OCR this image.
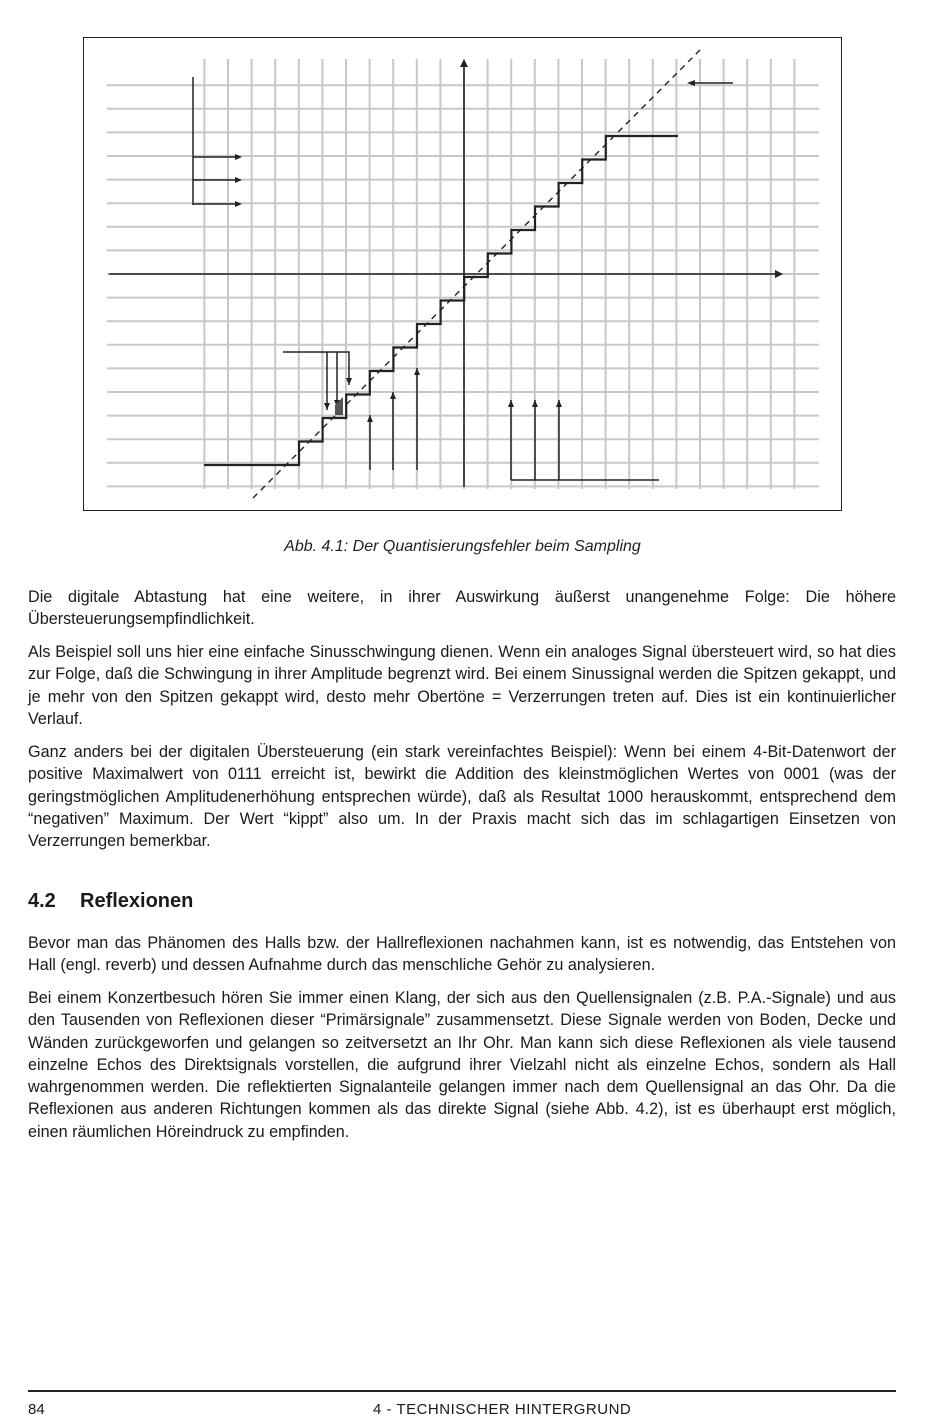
Abb. 4.1: Der Quantisierungsfehler beim Sampling

Die digitale Abtastung hat eine weitere, in ihrer Auswirkung äußerst unangenehme Folge: Die höhere Übersteuerungsempfindlichkeit.

Als Beispiel soll uns hier eine einfache Sinusschwingung dienen. Wenn ein analoges Signal übersteuert wird, so hat dies zur Folge, daß die Schwingung in ihrer Amplitude begrenzt wird. Bei einem Sinussignal werden die Spitzen gekappt, und je mehr von den Spitzen gekappt wird, desto mehr Obertöne = Verzerrungen treten auf. Dies ist ein kontinuierlicher Verlauf.

Ganz anders bei der digitalen Übersteuerung (ein stark vereinfachtes Beispiel): Wenn bei einem 4-Bit-Datenwort der positive Maximalwert von 0111 erreicht ist, bewirkt die Addition des kleinstmöglichen Wertes von 0001 (was der geringstmöglichen Amplitudenerhöhung entsprechen würde), daß als Resultat 1000 herauskommt, entsprechend dem “negativen” Maximum. Der Wert “kippt” also um. In der Praxis macht sich das im schlagartigen Einsetzen von Verzerrungen bemerkbar.

4.2 Reflexionen

Bevor man das Phänomen des Halls bzw. der Hallreflexionen nachahmen kann, ist es notwendig, das Entstehen von Hall (engl. reverb) und dessen Aufnahme durch das menschliche Gehör zu analysieren.

Bei einem Konzertbesuch hören Sie immer einen Klang, der sich aus den Quellensignalen (z.B. P.A.-Signale) und aus den Tausenden von Reflexionen dieser “Primärsignale” zusammensetzt. Diese Signale werden von Boden, Decke und Wänden zurückgeworfen und gelangen so zeitversetzt an Ihr Ohr. Man kann sich diese Reflexionen als viele tausend einzelne Echos des Direktsignals vorstellen, die aufgrund ihrer Vielzahl nicht als einzelne Echos, sondern als Hall wahrgenommen werden. Die reflektierten Signalanteile gelangen immer nach dem Quellensignal an das Ohr. Da die Reflexionen aus anderen Richtungen kommen als das direkte Signal (siehe Abb. 4.2), ist es überhaupt erst möglich, einen räumlichen Höreindruck zu empfinden.

84	4 - TECHNISCHER HINTERGRUND
